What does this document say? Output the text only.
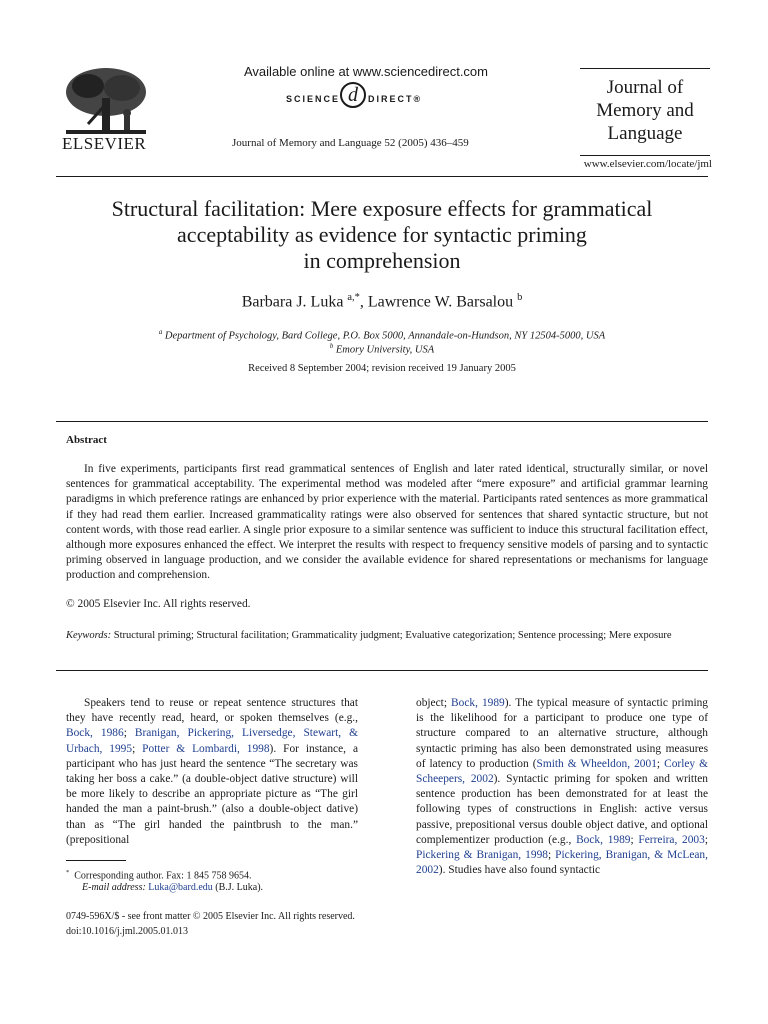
ELSEVIER
Available online at www.sciencedirect.com
SCIENCE d	DIRECT®
Journal of Memory and Language 52 (2005) 436–459
Journal of
Memory and
Language
www.elsevier.com/locate/jml
Structural facilitation: Mere exposure effects for grammatical
acceptability as evidence for syntactic priming
in comprehension
Barbara J. Luka $^{a,*}$, Lawrence W. Barsalou $^b$
$^a$ Department of Psychology, Bard College, P.O. Box 5000, Annandale-on-Hundson, NY 12504-5000, USA
$^b$ Emory University, USA
Received 8 September 2004; revision received 19 January 2005
Abstract

In five experiments, participants first read grammatical sentences of English and later rated identical, structurally similar, or novel sentences for grammatical acceptability. The experimental method was modeled after “mere exposure” and artificial grammar learning paradigms in which preference ratings are enhanced by prior experience with the material. Participants rated sentences as more grammatical if they had read them earlier. Increased grammaticality ratings were also observed for sentences that shared syntactic structure, but not content words, with those read earlier. A single prior exposure to a similar sentence was sufficient to induce this structural facilitation effect, although more exposures enhanced the effect. We interpret the results with respect to frequency sensitive models of parsing and to syntactic priming observed in language production, and we consider the available evidence for shared representations or mechanisms for language production and comprehension.

© 2005 Elsevier Inc. All rights reserved.
Keywords: Structural priming; Structural facilitation; Grammaticality judgment; Evaluative categorization; Sentence processing; Mere exposure
Speakers tend to reuse or repeat sentence structures that they have recently read, heard, or spoken themselves (e.g., Bock, 1986; Branigan, Pickering, Liversedge, Stewart, & Urbach, 1995; Potter & Lombardi, 1998). For instance, a participant who has just heard the sentence “The secretary was taking her boss a cake.” (a double-object dative structure) will be more likely to describe an appropriate picture as “The girl handed the man a paint-brush.” (also a double-object dative) than as “The girl handed the paintbrush to the man.” (prepositional
object; Bock, 1989). The typical measure of syntactic priming is the likelihood for a participant to produce one type of structure compared to an alternative structure, although syntactic priming has also been demonstrated using measures of latency to production (Smith & Wheeldon, 2001; Corley & Scheepers, 2002). Syntactic priming for spoken and written sentence production has been demonstrated for at least the following types of constructions in English: active versus passive, prepositional versus double object dative, and optional complementizer production (e.g., Bock, 1989; Ferreira, 2003; Pickering & Branigan, 1998; Pickering, Branigan, & McLean, 2002). Studies have also found syntactic
* Corresponding author. Fax: 1 845 758 9654.
E-mail address: Luka@bard.edu (B.J. Luka).
0749-596X/$ - see front matter © 2005 Elsevier Inc. All rights reserved.
doi:10.1016/j.jml.2005.01.013
